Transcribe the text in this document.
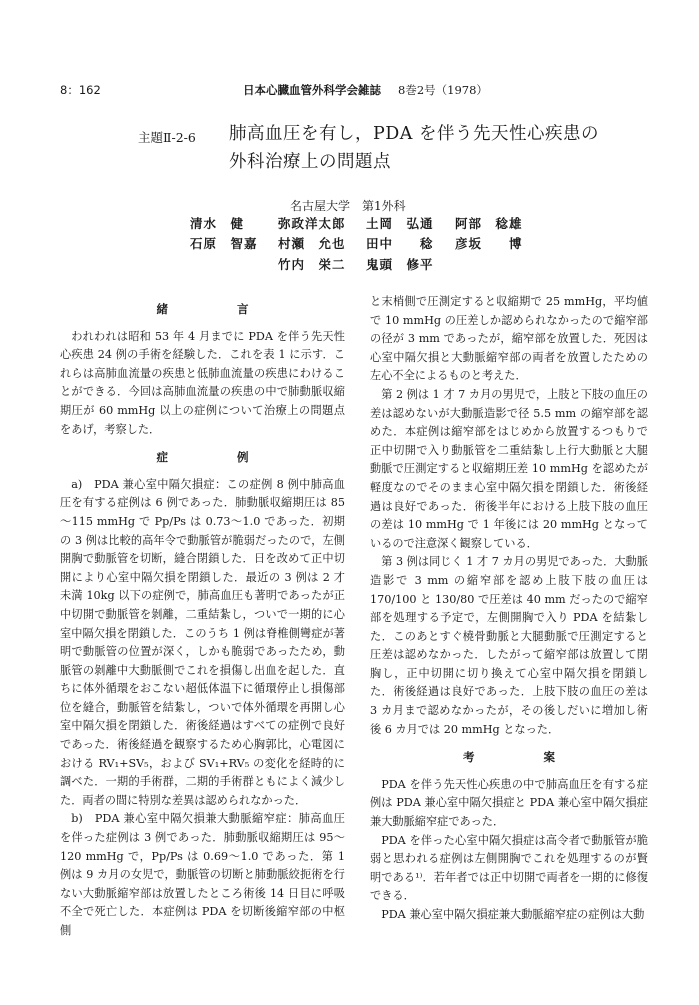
8：162	日本心臓血管外科学会雑誌 8巻2号（1978）
主題Ⅱ-2-6 肺高血圧を有し，PDA を伴う先天性心疾患の
外科治療上の問題点
名古屋大学　第1外科
清水　健	弥政洋太郎 土岡　弘通 阿部　稔雄
石原　智嘉 村瀬　允也 田中　　稔 彦坂　　博
竹内　栄二 鬼頭　修平

緒　言

われわれは昭和 53 年 4 月までに PDA を伴う先天性心疾患 24 例の手術を経験した．これを表 1 に示す．これらは高肺血流量の疾患と低肺血流量の疾患にわけることができる．今回は高肺血流量の疾患の中で肺動脈収縮期圧が 60 mmHg 以上の症例について治療上の問題点をあげ，考察した．

症　例

a)　PDA 兼心室中隔欠損症：この症例 8 例中肺高血圧を有する症例は 6 例であった．肺動脈収縮期圧は 85～115 mmHg で Pp/Ps は 0.73～1.0 であった．初期の 3 例は比較的高年令で動脈管が脆弱だったので，左側開胸で動脈管を切断，縫合閉鎖した．日を改めて正中切開により心室中隔欠損を閉鎖した．最近の 3 例は 2 才未満 10kg 以下の症例で，肺高血圧も著明であったが正中切開で動脈管を剝離，二重結紮し，ついで一期的に心室中隔欠損を閉鎖した．このうち 1 例は脊椎側彎症が著明で動脈管の位置が深く，しかも脆弱であったため，動脈管の剝離中大動脈側でこれを損傷し出血を起した．直ちに体外循環をおこない超低体温下に循環停止し損傷部位を縫合，動脈管を結紮し，ついで体外循環を再開し心室中隔欠損を閉鎖した．術後経過はすべての症例で良好であった．術後経過を観察するため心胸郭比，心電図における RV₁+SV₅，および SV₁+RV₅ の変化を経時的に調べた．一期的手術群，二期的手術群ともによく減少した．両者の間に特別な差異は認められなかった．

b)　PDA 兼心室中隔欠損兼大動脈縮窄症：肺高血圧を伴った症例は 3 例であった．肺動脈収縮期圧は 95～120 mmHg で，Pp/Ps は 0.69～1.0 であった．第 1 例は 9 カ月の女児で，動脈管の切断と肺動脈絞扼術を行ない大動脈縮窄部は放置したところ術後 14 日目に呼吸不全で死亡した．本症例は PDA を切断後縮窄部の中枢側

と末梢側で圧測定すると収縮期で 25 mmHg，平均値で 10 mmHg の圧差しか認められなかったので縮窄部の径が 3 mm であったが，縮窄部を放置した．死因は心室中隔欠損と大動脈縮窄部の両者を放置したための左心不全によるものと考えた．

第 2 例は 1 才 7 カ月の男児で，上肢と下肢の血圧の差は認めないが大動脈造影で径 5.5 mm の縮窄部を認めた．本症例は縮窄部をはじめから放置するつもりで正中切開で入り動脈管を二重結紮し上行大動脈と大腿動脈で圧測定すると収縮期圧差 10 mmHg を認めたが軽度なのでそのまま心室中隔欠損を閉鎖した．術後経過は良好であった．術後半年における上肢下肢の血圧の差は 10 mmHg で 1 年後には 20 mmHg となっているので注意深く観察している．

第 3 例は同じく 1 才 7 カ月の男児であった．大動脈造影で 3 mm の縮窄部を認め上肢下肢の血圧は 170/100 と 130/80 で圧差は 40 mm だったので縮窄部を処理する予定で，左側開胸で入り PDA を結紮した．このあとすぐ橈骨動脈と大腿動脈で圧測定すると圧差は認めなかった．したがって縮窄部は放置して閉胸し，正中切開に切り換えて心室中隔欠損を閉鎖した．術後経過は良好であった．上肢下肢の血圧の差は 3 カ月まで認めなかったが，その後しだいに増加し術後 6 カ月では 20 mmHg となった．

考　案

PDA を伴う先天性心疾患の中で肺高血圧を有する症例は PDA 兼心室中隔欠損症と PDA 兼心室中隔欠損症兼大動脈縮窄症であった．

PDA を伴った心室中隔欠損症は高令者で動脈管が脆弱と思われる症例は左側開胸でこれを処理するのが賢明である¹⁾．若年者では正中切開で両者を一期的に修復できる．

PDA 兼心室中隔欠損症兼大動脈縮窄症の症例は大動
